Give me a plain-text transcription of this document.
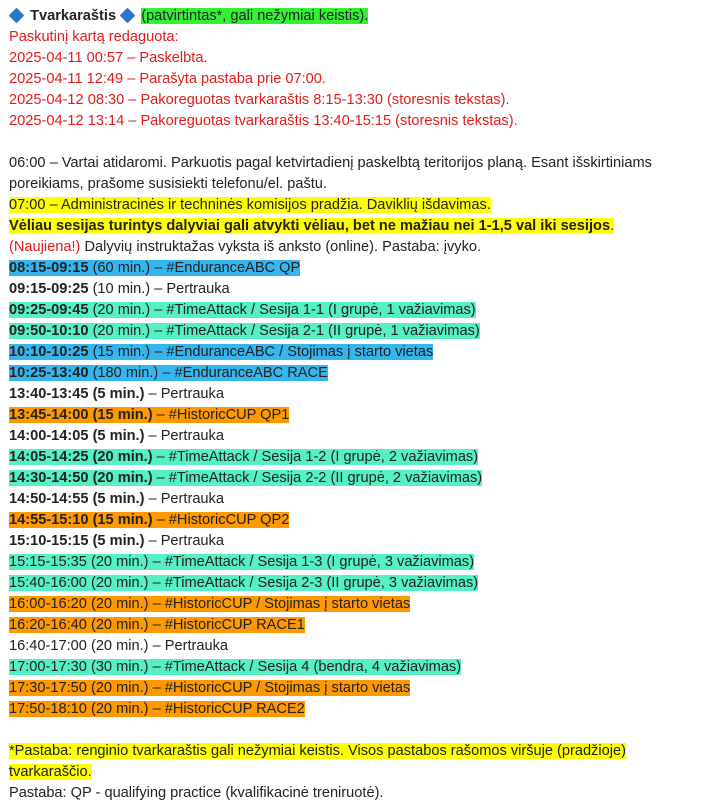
Tvarkaraštis (patvirtintas*, gali nežymiai keistis).
Paskutinį kartą redaguota:
2025-04-11 00:57 – Paskelbta.
2025-04-11 12:49 – Parašyta pastaba prie 07:00.
2025-04-12 08:30 – Pakoreguotas tvarkaraštis 8:15-13:30 (storesnis tekstas).
2025-04-12 13:14 – Pakoreguotas tvarkaraštis 13:40-15:15 (storesnis tekstas).
06:00 – Vartai atidaromi. Parkuotis pagal ketvirtadienį paskelbtą teritorijos planą. Esant išskirtiniams poreikiams, prašome susisiekti telefonu/el. paštu.
07:00 – Administracinės ir techninės komisijos pradžia. Daviklių išdavimas.
Vėliau sesijas turintys dalyviai gali atvykti vėliau, bet ne mažiau nei 1-1,5 val iki sesijos.
(Naujiena!) Dalyvių instruktažas vyksta iš anksto (online). Pastaba: įvyko.
08:15-09:15 (60 min.) – #EnduranceABC QP
09:15-09:25 (10 min.) – Pertrauka
09:25-09:45 (20 min.) – #TimeAttack / Sesija 1-1 (I grupė, 1 važiavimas)
09:50-10:10 (20 min.) – #TimeAttack / Sesija 2-1 (II grupė, 1 važiavimas)
10:10-10:25 (15 min.) – #EnduranceABC / Stojimas į starto vietas
10:25-13:40 (180 min.) – #EnduranceABC RACE
13:40-13:45 (5 min.) – Pertrauka
13:45-14:00 (15 min.) – #HistoricCUP QP1
14:00-14:05 (5 min.) – Pertrauka
14:05-14:25 (20 min.) – #TimeAttack / Sesija 1-2 (I grupė, 2 važiavimas)
14:30-14:50 (20 min.) – #TimeAttack / Sesija 2-2 (II grupė, 2 važiavimas)
14:50-14:55 (5 min.) – Pertrauka
14:55-15:10 (15 min.) – #HistoricCUP QP2
15:10-15:15 (5 min.) – Pertrauka
15:15-15:35 (20 min.) – #TimeAttack / Sesija 1-3 (I grupė, 3 važiavimas)
15:40-16:00 (20 min.) – #TimeAttack / Sesija 2-3 (II grupė, 3 važiavimas)
16:00-16:20 (20 min.) – #HistoricCUP / Stojimas į starto vietas
16:20-16:40 (20 min.) – #HistoricCUP RACE1
16:40-17:00 (20 min.) – Pertrauka
17:00-17:30 (30 min.) – #TimeAttack / Sesija 4 (bendra, 4 važiavimas)
17:30-17:50 (20 min.) – #HistoricCUP / Stojimas į starto vietas
17:50-18:10 (20 min.) – #HistoricCUP RACE2
*Pastaba: renginio tvarkaraštis gali nežymiai keistis. Visos pastabos rašomos viršuje (pradžioje) tvarkaraščio.
Pastaba: QP - qualifying practice (kvalifikacinė treniruotė).
